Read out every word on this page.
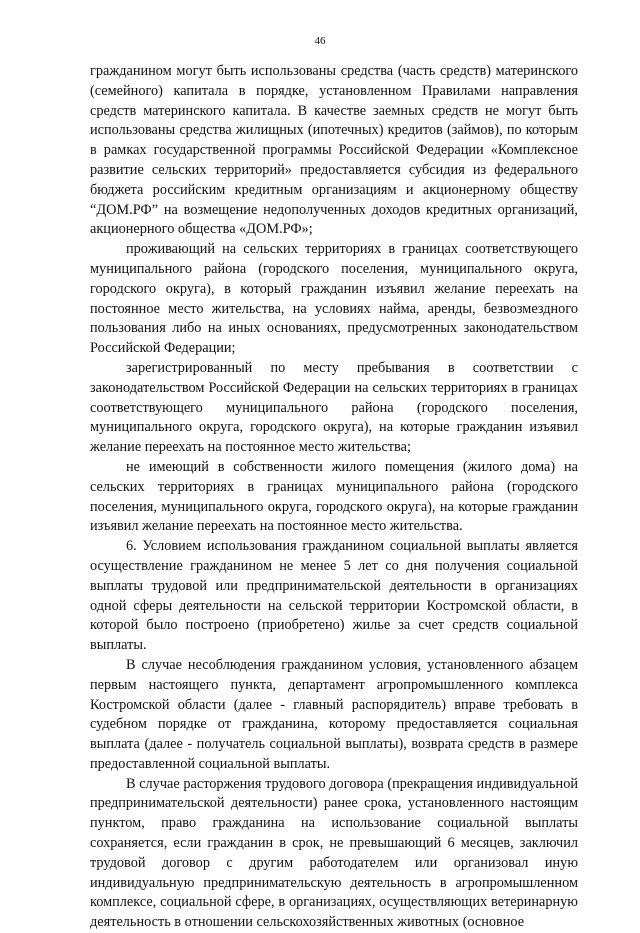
46

гражданином могут быть использованы средства (часть средств) материнского (семейного) капитала в порядке, установленном Правилами направления средств материнского капитала. В качестве заемных средств не могут быть использованы средства жилищных (ипотечных) кредитов (займов), по которым в рамках государственной программы Российской Федерации «Комплексное развитие сельских территорий» предоставляется субсидия из федерального бюджета российским кредитным организациям и акционерному обществу “ДОМ.РФ” на возмещение недополученных доходов кредитных организаций, акционерного общества «ДОМ.РФ»;

проживающий на сельских территориях в границах соответствующего муниципального района (городского поселения, муниципального округа, городского округа), в который гражданин изъявил желание переехать на постоянное место жительства, на условиях найма, аренды, безвозмездного пользования либо на иных основаниях, предусмотренных законодательством Российской Федерации;

зарегистрированный по месту пребывания в соответствии с законодательством Российской Федерации на сельских территориях в границах соответствующего муниципального района (городского поселения, муниципального округа, городского округа), на которые гражданин изъявил желание переехать на постоянное место жительства;

не имеющий в собственности жилого помещения (жилого дома) на сельских территориях в границах муниципального района (городского поселения, муниципального округа, городского округа), на которые гражданин изъявил желание переехать на постоянное место жительства.

6. Условием использования гражданином социальной выплаты является осуществление гражданином не менее 5 лет со дня получения социальной выплаты трудовой или предпринимательской деятельности в организациях одной сферы деятельности на сельской территории Костромской области, в которой было построено (приобретено) жилье за счет средств социальной выплаты.

В случае несоблюдения гражданином условия, установленного абзацем первым настоящего пункта, департамент агропромышленного комплекса Костромской области (далее - главный распорядитель) вправе требовать в судебном порядке от гражданина, которому предоставляется социальная выплата (далее - получатель социальной выплаты), возврата средств в размере предоставленной социальной выплаты.

В случае расторжения трудового договора (прекращения индивидуальной предпринимательской деятельности) ранее срока, установленного настоящим пунктом, право гражданина на использование социальной выплаты сохраняется, если гражданин в срок, не превышающий 6 месяцев, заключил трудовой договор с другим работодателем или организовал иную индивидуальную предпринимательскую деятельность в агропромышленном комплексе, социальной сфере, в организациях, осуществляющих ветеринарную деятельность в отношении сельскохозяйственных животных (основное
